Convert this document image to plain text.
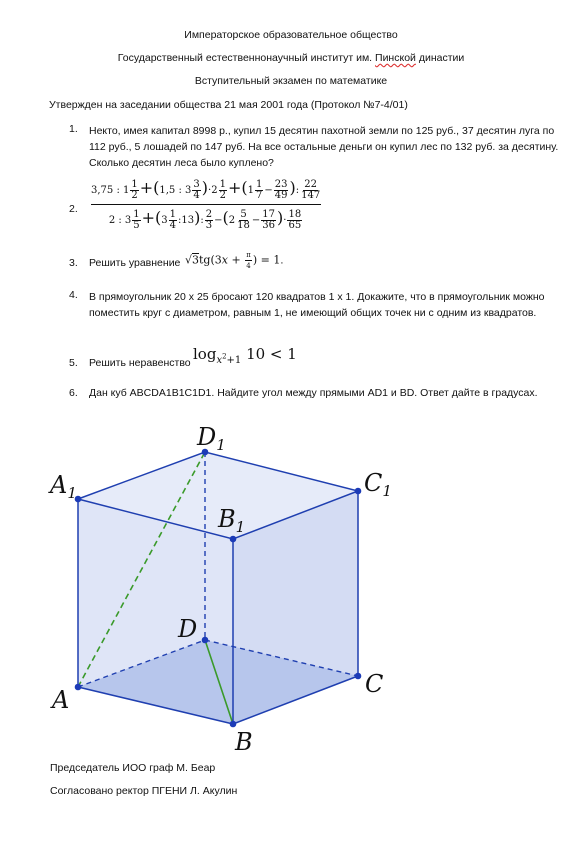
Императорское образовательное общество
Государственный естественнонаучный институт им. Пинской династии
Вступительный экзамен по математике
Утвержден на заседании общества 21 мая 2001 года (Протокол №7-4/01)
1.	Некто, имея капитал 8998 р., купил 15 десятин пахотной земли по 125 руб., 37 десятин луга по 112 руб., 5 лошадей по 147 руб. На все остальные деньги он купил лес по 132 руб. за десятину. Сколько десятин леса было куплено?
2.
3,75 : $1 \frac{1}{2} +(1,5$ : $3 \frac{3}{4} )\cdot 2 \frac{1}{2} +(1 \frac{1}{7} - \frac{23}{49}$ ): $\frac{22}{147}$
2 : $3 \frac{1}{5} +(3 \frac{1}{4}$ :13): $\frac{2}{3} -(2 \frac{5}{18} - \frac{17}{36}$ )· $\frac{18}{65}$
3.	Решить уравнение $√3tg(3x + \frac{\pi}{4}$ ) = 1.
4.	В прямоугольник 20 x 25 бросают 120 квадратов 1 x 1. Докажите, что в прямоугольник можно поместить круг с диаметром, равным 1, не имеющий общих точек ни с одним из квадратов.
5.	Решить неравенство $\log_{x^2+1} 10 < 1$
6.	Дан куб ABCDA1B1C1D1. Найдите угол между прямыми AD1 и BD. Ответ дайте в градусах.
$D_1$
$A_1$	$C_1$
$B_1$
D
A
C
B
Председатель ИОО граф М. Беар
Согласовано ректор ПГЕНИ Л. Акулин
